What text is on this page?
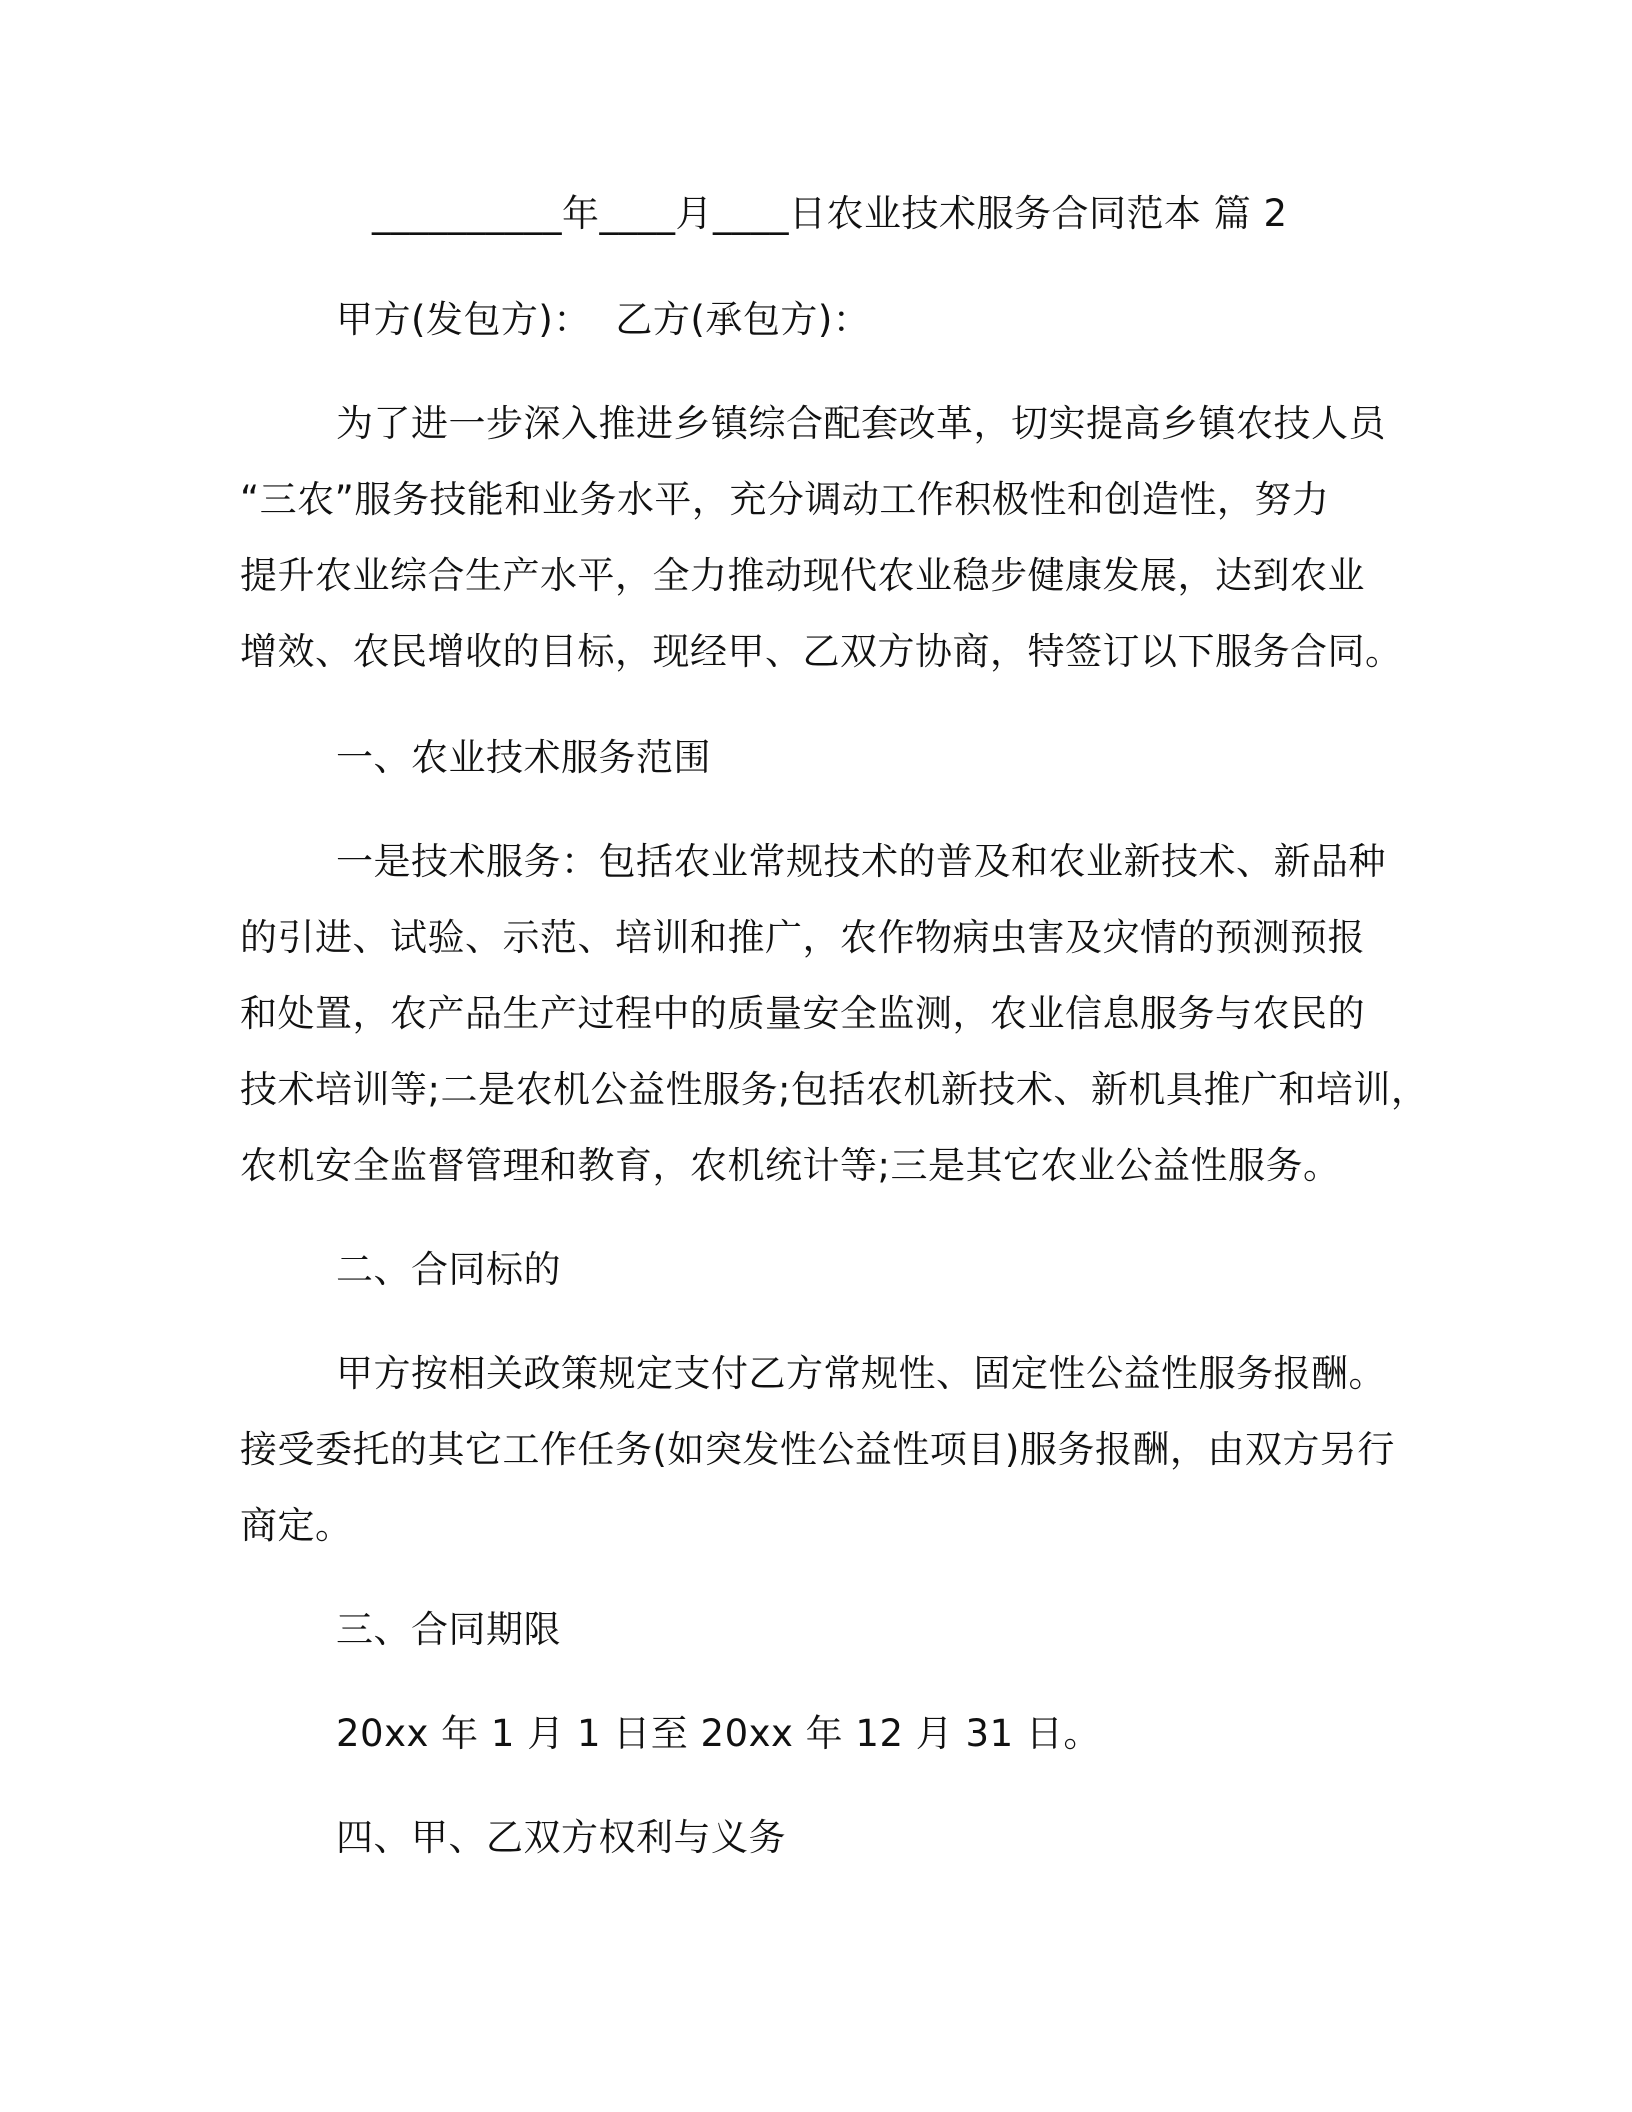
__________年____月____日农业技术服务合同范本 篇 2
甲方(发包方)：  乙方(承包方)：
为了进一步深入推进乡镇综合配套改革，切实提高乡镇农技人员
“三农”服务技能和业务水平，充分调动工作积极性和创造性，努力
提升农业综合生产水平，全力推动现代农业稳步健康发展，达到农业
增效、农民增收的目标，现经甲、乙双方协商，特签订以下服务合同。
一、农业技术服务范围
一是技术服务：包括农业常规技术的普及和农业新技术、新品种
的引进、试验、示范、培训和推广，农作物病虫害及灾情的预测预报
和处置，农产品生产过程中的质量安全监测，农业信息服务与农民的
技术培训等;二是农机公益性服务;包括农机新技术、新机具推广和培训，
农机安全监督管理和教育，农机统计等;三是其它农业公益性服务。
二、合同标的
甲方按相关政策规定支付乙方常规性、固定性公益性服务报酬。
接受委托的其它工作任务(如突发性公益性项目)服务报酬，由双方另行
商定。
三、合同期限
20xx 年 1 月 1 日至 20xx 年 12 月 31 日。
四、甲、乙双方权利与义务
